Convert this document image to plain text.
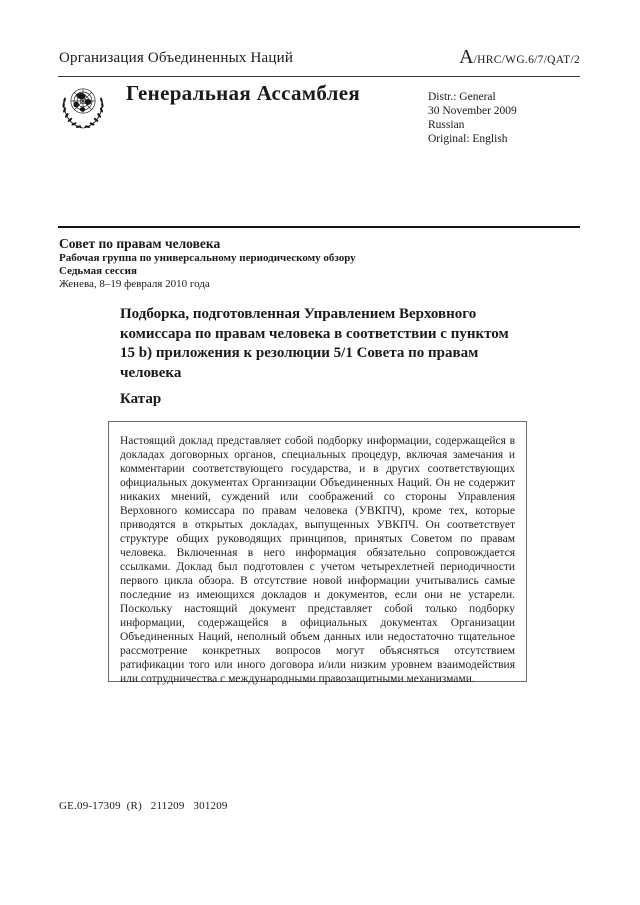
Организация Объединенных Наций	A/HRC/WG.6/7/QAT/2
Генеральная Ассамблея	Distr.: General
30 November 2009
Russian
Original: English
Совет по правам человека
Рабочая группа по универсальному периодическому обзору
Седьмая сессия
Женева, 8–19 февраля 2010 года
Подборка, подготовленная Управлением Верховного комиссара по правам человека в соответствии с пунктом 15 b) приложения к резолюции 5/1 Совета по правам человека
Катар
Настоящий доклад представляет собой подборку информации, содержащейся в докладах договорных органов, специальных процедур, включая замечания и комментарии соответствующего государства, и в других соответствующих официальных документах Организации Объединенных Наций. Он не содержит никаких мнений, суждений или соображений со стороны Управления Верховного комиссара по правам человека (УВКПЧ), кроме тех, которые приводятся в открытых докладах, выпущенных УВКПЧ. Он соответствует структуре общих руководящих принципов, принятых Советом по правам человека. Включенная в него информация обязательно сопровождается ссылками. Доклад был подготовлен с учетом четырехлетней периодичности первого цикла обзора. В отсутствие новой информации учитывались самые последние из имеющихся докладов и документов, если они не устарели. Поскольку настоящий документ представляет собой только подборку информации, содержащейся в официальных документах Организации Объединенных Наций, неполный объем данных или недостаточно тщательное рассмотрение конкретных вопросов могут объясняться отсутствием ратификации того или иного договора и/или низким уровнем взаимодействия или сотрудничества с международными правозащитными механизмами.
GE.09-17309  (R)   211209   301209
